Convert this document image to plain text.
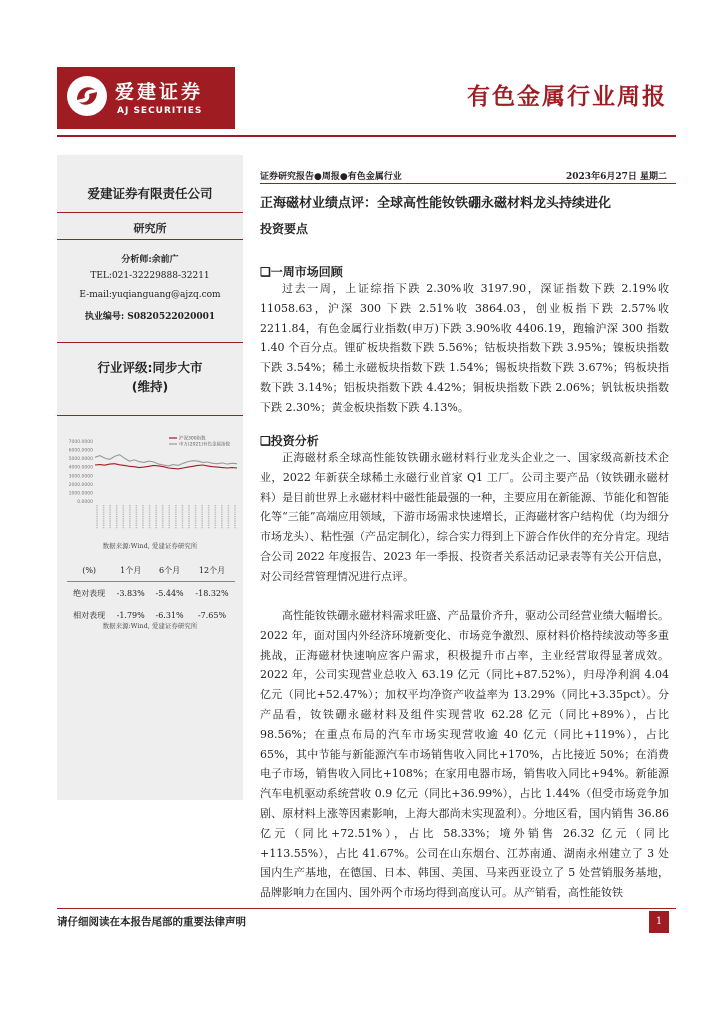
爱建证券
AJ SECURITIES
有色金属行业周报
爱建证券有限责任公司
研究所
分析师:余前广
TEL:021-32229888-32211
E-mail:yuqianguang@ajzq.com
执业编号: S0820522020001
行业评级:同步大市
(维持)
7000.0000
6000.0000
5000.0000
4000.0000
3000.0000
2000.0000
1000.0000
0.0000
沪深300指数
申万(2021)有色金属指数
数据来源:Wind, 爱建证券研究所
(%)	1个月	6个月	12个月
绝对表现	-3.83%	-5.44%	-18.32%
相对表现	-1.79%	-6.31%	-7.65%
数据来源:Wind, 爱建证券研究所
证券研究报告●周报●有色金属行业	2023年6月27日 星期二
正海磁材业绩点评：全球高性能钕铁硼永磁材料龙头持续进化
投资要点
❑一周市场回顾

过去一周，上证综指下跌 2.30%收 3197.90，深证指数下跌 2.19%收 11058.63，沪深 300 下跌 2.51%收 3864.03，创业板指下跌 2.57%收 2211.84，有色金属行业指数(申万)下跌 3.90%收 4406.19，跑输沪深 300 指数 1.40 个百分点。锂矿板块指数下跌 5.56%；钴板块指数下跌 3.95%；镍板块指数下跌 3.54%；稀土永磁板块指数下跌 1.54%；锡板块指数下跌 3.67%；钨板块指数下跌 3.14%；铝板块指数下跌 4.42%；铜板块指数下跌 2.06%；钒钛板块指数下跌 2.30%；黄金板块指数下跌 4.13%。

❑投资分析

正海磁材系全球高性能钕铁硼永磁材料行业龙头企业之一、国家级高新技术企业，2022 年新获全球稀土永磁行业首家 Q1 工厂。公司主要产品（钕铁硼永磁材料）是目前世界上永磁材料中磁性能最强的一种，主要应用在新能源、节能化和智能化等“三能”高端应用领域，下游市场需求快速增长，正海磁材客户结构优（均为细分市场龙头）、粘性强（产品定制化），综合实力得到上下游合作伙伴的充分肯定。现结合公司 2022 年度报告、2023 年一季报、投资者关系活动记录表等有关公开信息，对公司经营管理情况进行点评。

高性能钕铁硼永磁材料需求旺盛、产品量价齐升，驱动公司经营业绩大幅增长。2022 年，面对国内外经济环境新变化、市场竞争激烈、原材料价格持续波动等多重挑战，正海磁材快速响应客户需求，积极提升市占率，主业经营取得显著成效。2022 年，公司实现营业总收入 63.19 亿元（同比+87.52%），归母净利润 4.04 亿元（同比+52.47%）；加权平均净资产收益率为 13.29%（同比+3.35pct）。分产品看，钕铁硼永磁材料及组件实现营收 62.28 亿元（同比+89%），占比 98.56%；在重点布局的汽车市场实现营收逾 40 亿元（同比+119%），占比 65%，其中节能与新能源汽车市场销售收入同比+170%，占比接近 50%；在消费电子市场，销售收入同比+108%；在家用电器市场，销售收入同比+94%。新能源汽车电机驱动系统营收 0.9 亿元（同比+36.99%），占比 1.44%（但受市场竞争加剧、原材料上涨等因素影响，上海大郡尚未实现盈利）。分地区看，国内销售 36.86 亿元（同比+72.51%），占比 58.33%；境外销售 26.32 亿元（同比+113.55%），占比 41.67%。公司在山东烟台、江苏南通、湖南永州建立了 3 处国内生产基地，在德国、日本、韩国、美国、马来西亚设立了 5 处营销服务基地，品牌影响力在国内、国外两个市场均得到高度认可。从产销看，高性能钕铁

请仔细阅读在本报告尾部的重要法律声明	1
